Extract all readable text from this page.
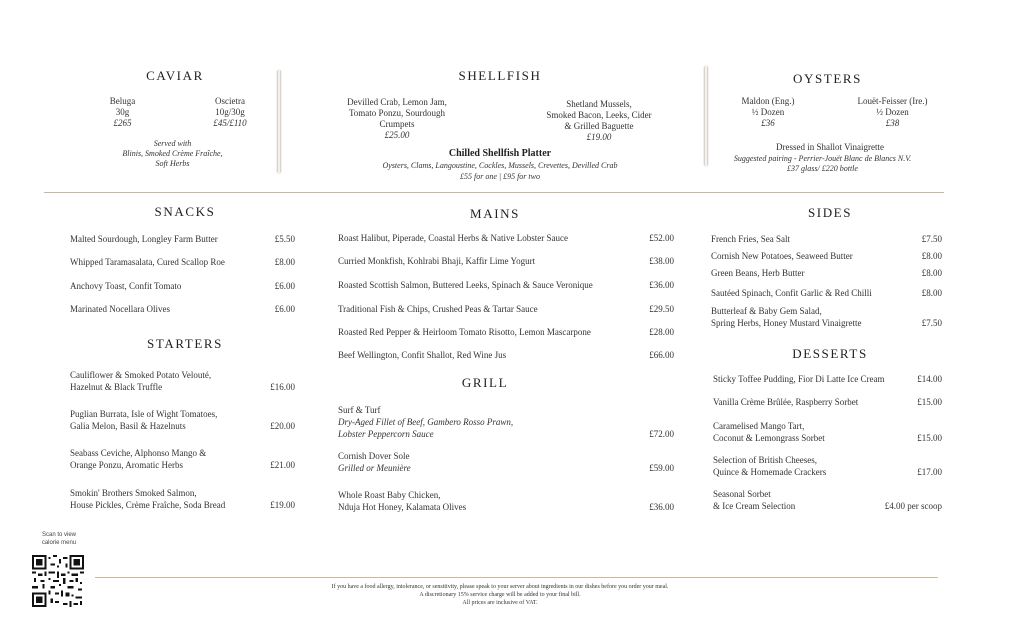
CAVIAR
Beluga
30g
£265
Oscietra
10g/30g
£45/£110
Served with
Blinis, Smoked Crème Fraîche,
Soft Herbs
SHELLFISH
Devilled Crab, Lemon Jam,
Tomato Ponzu, Sourdough
Crumpets
£25.00
Shetland Mussels,
Smoked Bacon, Leeks, Cider
& Grilled Baguette
£19.00
Chilled Shellfish Platter
Oysters, Clams, Langoustine, Cockles, Mussels, Crevettes, Devilled Crab
£55 for one | £95 for two
OYSTERS
Maldon (Eng.)
½ Dozen
£36
Louët-Feisser (Ire.)
½ Dozen
£38
Dressed in Shallot Vinaigrette
Suggested pairing - Perrier-Jouët Blanc de Blancs N.V.
£37 glass/ £220 bottle
SNACKS
Malted Sourdough, Longley Farm Butter	£5.50
Whipped Taramasalata, Cured Scallop Roe	£8.00
Anchovy Toast, Confit Tomato	£6.00
Marinated Nocellara Olives	£6.00
STARTERS
Cauliflower & Smoked Potato Velouté,
Hazelnut & Black Truffle	£16.00
Puglian Burrata, Isle of Wight Tomatoes,
Galia Melon, Basil & Hazelnuts	£20.00
Seabass Ceviche, Alphonso Mango &
Orange Ponzu, Aromatic Herbs	£21.00
Smokin' Brothers Smoked Salmon,
House Pickles, Crème Fraîche, Soda Bread	£19.00
MAINS
Roast Halibut, Piperade, Coastal Herbs & Native Lobster Sauce	£52.00
Curried Monkfish, Kohlrabi Bhaji, Kaffir Lime Yogurt	£38.00
Roasted Scottish Salmon, Buttered Leeks, Spinach & Sauce Veronique	£36.00
Traditional Fish & Chips, Crushed Peas & Tartar Sauce	£29.50
Roasted Red Pepper & Heirloom Tomato Risotto, Lemon Mascarpone	£28.00
Beef Wellington, Confit Shallot, Red Wine Jus	£66.00
GRILL
Surf & Turf
Dry-Aged Fillet of Beef, Gambero Rosso Prawn,
Lobster Peppercorn Sauce	£72.00
Cornish Dover Sole
Grilled or Meunière	£59.00
Whole Roast Baby Chicken,
Nduja Hot Honey, Kalamata Olives	£36.00
SIDES
French Fries, Sea Salt	£7.50
Cornish New Potatoes, Seaweed Butter	£8.00
Green Beans, Herb Butter	£8.00
Sautéed Spinach, Confit Garlic & Red Chilli	£8.00
Butterleaf & Baby Gem Salad,
Spring Herbs, Honey Mustard Vinaigrette	£7.50
DESSERTS
Sticky Toffee Pudding, Fior Di Latte Ice Cream	£14.00
Vanilla Crème Brûlée, Raspberry Sorbet	£15.00
Caramelised Mango Tart,
Coconut & Lemongrass Sorbet	£15.00
Selection of British Cheeses,
Quince & Homemade Crackers	£17.00
Seasonal Sorbet
& Ice Cream Selection	£4.00 per scoop
Scan to view
calorie menu
If you have a food allergy, intolerance, or sensitivity, please speak to your server about ingredients in our dishes before you order your meal.
A discretionary 15% service charge will be added to your final bill.
All prices are inclusive of VAT.
